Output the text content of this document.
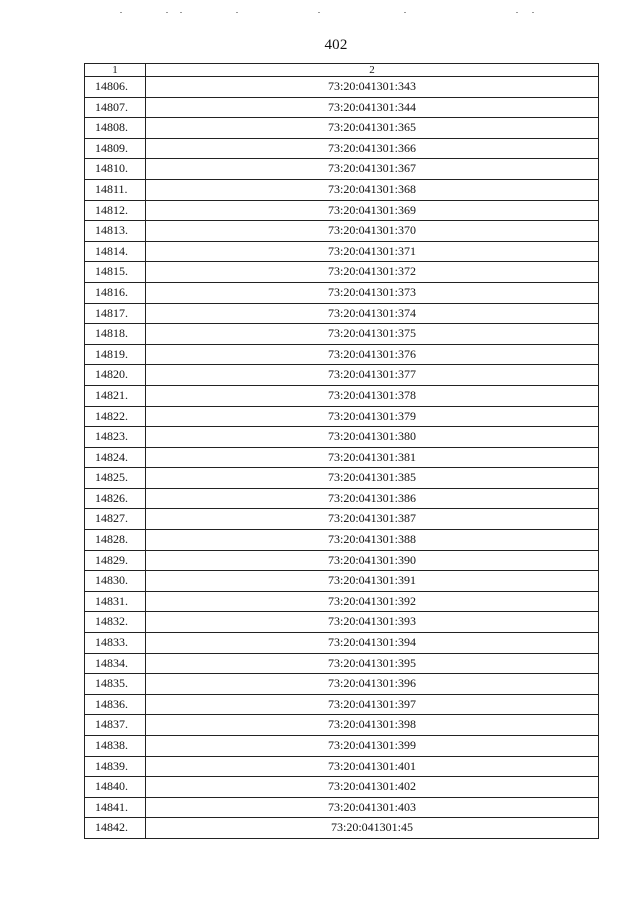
402
1	2
14806.	73:20:041301:343
14807.	73:20:041301:344
14808.	73:20:041301:365
14809.	73:20:041301:366
14810.	73:20:041301:367
14811.	73:20:041301:368
14812.	73:20:041301:369
14813.	73:20:041301:370
14814.	73:20:041301:371
14815.	73:20:041301:372
14816.	73:20:041301:373
14817.	73:20:041301:374
14818.	73:20:041301:375
14819.	73:20:041301:376
14820.	73:20:041301:377
14821.	73:20:041301:378
14822.	73:20:041301:379
14823.	73:20:041301:380
14824.	73:20:041301:381
14825.	73:20:041301:385
14826.	73:20:041301:386
14827.	73:20:041301:387
14828.	73:20:041301:388
14829.	73:20:041301:390
14830.	73:20:041301:391
14831.	73:20:041301:392
14832.	73:20:041301:393
14833.	73:20:041301:394
14834.	73:20:041301:395
14835.	73:20:041301:396
14836.	73:20:041301:397
14837.	73:20:041301:398
14838.	73:20:041301:399
14839.	73:20:041301:401
14840.	73:20:041301:402
14841.	73:20:041301:403
14842.	73:20:041301:45
